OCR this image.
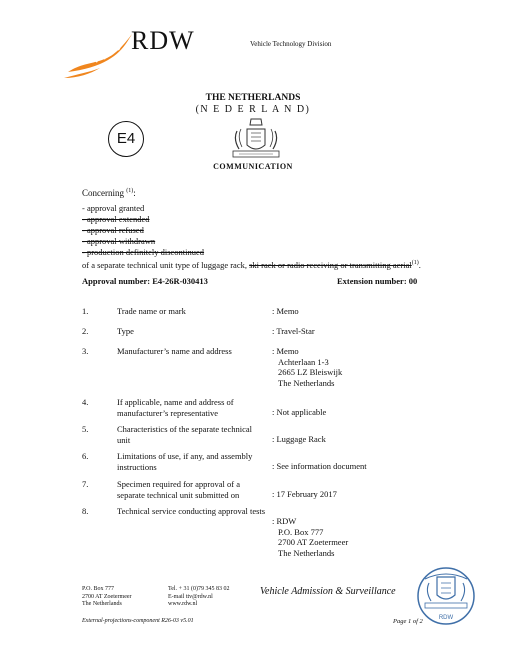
RDW	Vehicle Technology Division
THE NETHERLANDS
(N E D E R L A N D)
E4
COMMUNICATION
Concerning $^{(1)}$:
- approval granted
- approval extended
- approval refused
- approval withdrawn
- production definitely discontinued
of a separate technical unit type of luggage rack, ski rack or radio receiving or transmitting aerial$^{(1)}$.
Approval number: E4-26R-030413	Extension number: 00
1.	Trade name or mark	: Memo
2.	Type	: Travel-Star
3.	Manufacturer’s name and address	: Memo
Achterlaan 1-3
2665 LZ Bleiswijk
The Netherlands
4.	If applicable, name and address of manufacturer’s representative	: Not applicable
5.	Characteristics of the separate technical unit	: Luggage Rack
6.	Limitations of use, if any, and assembly instructions	: See information document
7.	Specimen required for approval of a separate technical unit submitted on	: 17 February 2017
8.	Technical service conducting approval tests
: RDW
P.O. Box 777
2700 AT Zoetermeer
The Netherlands
P.O. Box 777
2700 AT Zoetermeer
The Netherlands
Tel. + 31 (0)79 345 83 02
E-mail ttv@rdw.nl
www.rdw.nl
Vehicle Admission & Surveillance
RDW
External-projections-component R26-03 v5.01	Page 1 of 2
